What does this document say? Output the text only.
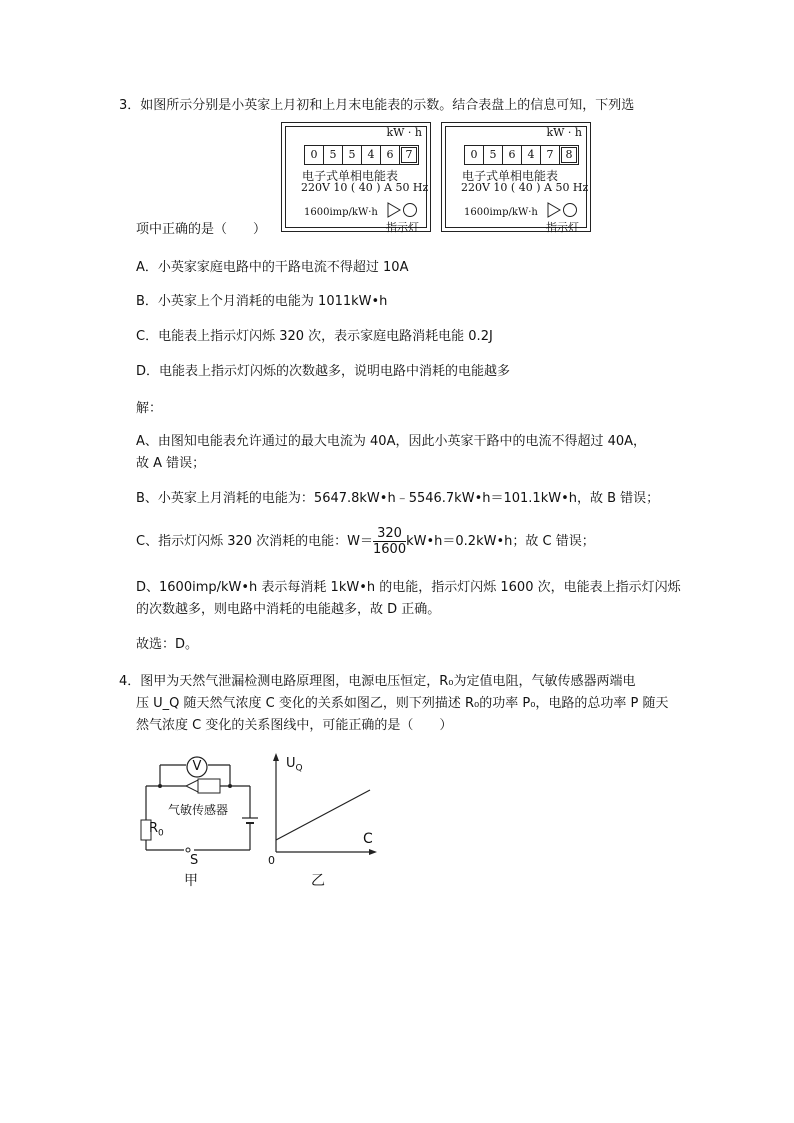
3．如图所示分别是小英家上月初和上月末电能表的示数。结合表盘上的信息可知，下列选
kW · h
0	5	5	4	6	7
电子式单相电能表
220V 10 ( 40 ) A 50 Hz
1600imp/kW·h
指示灯
kW · h
0	5	6	4	7	8
电子式单相电能表
220V 10 ( 40 ) A 50 Hz
1600imp/kW·h
指示灯
项中正确的是（　　）
A．小英家家庭电路中的干路电流不得超过 10A
B．小英家上个月消耗的电能为 1011kW•h
C．电能表上指示灯闪烁 320 次，表示家庭电路消耗电能 0.2J
D．电能表上指示灯闪烁的次数越多，说明电路中消耗的电能越多
解：
A、由图知电能表允许通过的最大电流为 40A，因此小英家干路中的电流不得超过 40A，
故 A 错误；
B、小英家上月消耗的电能为：5647.8kW•h﹣5546.7kW•h＝101.1kW•h，故 B 错误；
C、指示灯闪烁 320 次消耗的电能：$W= \frac{320}{1600}$ kW•h＝0.2kW•h；故 C 错误；
D、1600imp/kW•h 表示每消耗 1kW•h 的电能，指示灯闪烁 1600 次，电能表上指示灯闪烁
的次数越多，则电路中消耗的电能越多，故 D 正确。
故选：D。
4．图甲为天然气泄漏检测电路原理图，电源电压恒定，R₀为定值电阻，气敏传感器两端电
压 U_Q 随天然气浓度 C 变化的关系如图乙，则下列描述 R₀的功率 P₀，电路的总功率 P 随天
然气浓度 C 变化的关系图线中，可能正确的是（　　）
V
气敏传感器
$R_0$
S
甲
$U_Q$
C
0
乙
